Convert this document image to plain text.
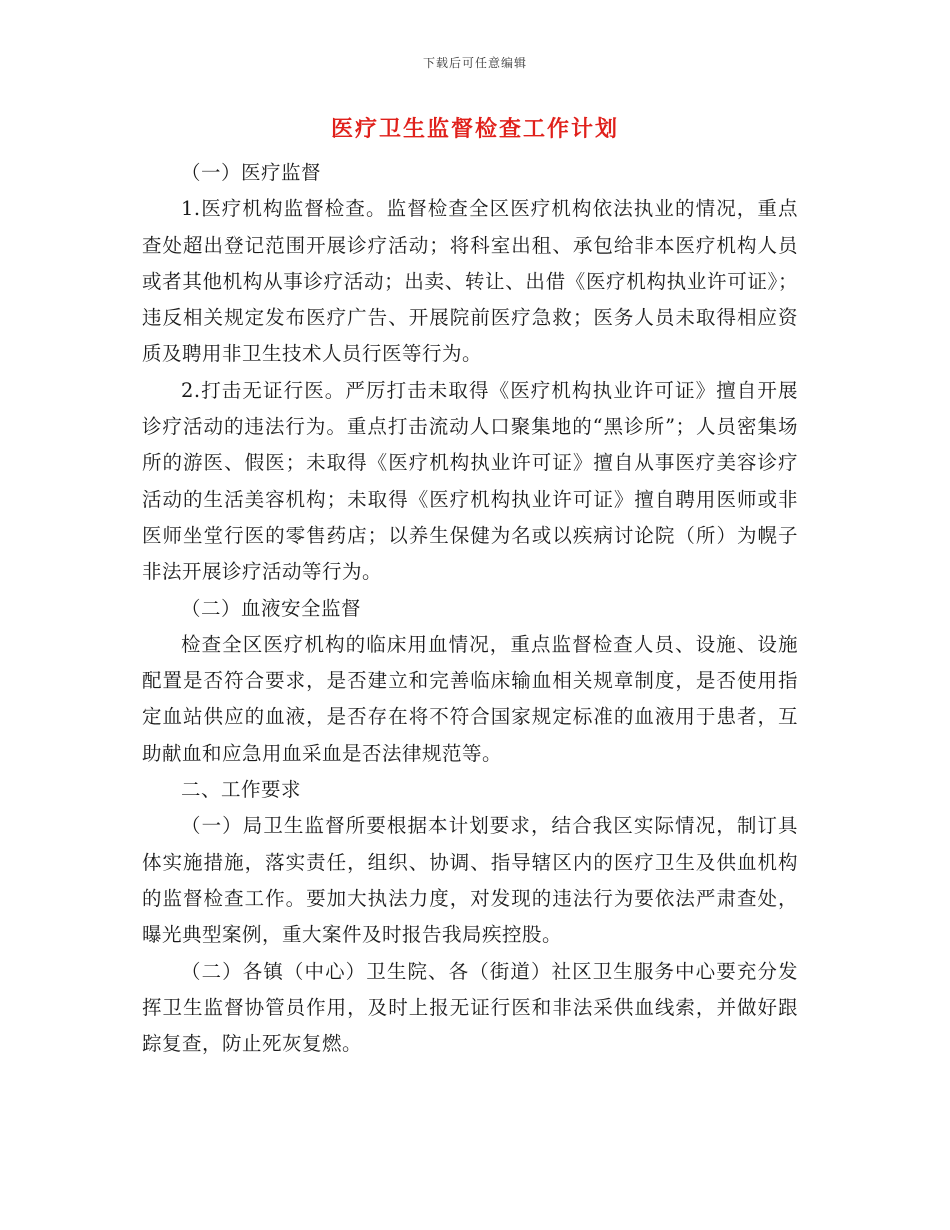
下载后可任意编辑
医疗卫生监督检查工作计划

（一）医疗监督

1.医疗机构监督检查。监督检查全区医疗机构依法执业的情况，重点查处超出登记范围开展诊疗活动；将科室出租、承包给非本医疗机构人员或者其他机构从事诊疗活动；出卖、转让、出借《医疗机构执业许可证》；违反相关规定发布医疗广告、开展院前医疗急救；医务人员未取得相应资质及聘用非卫生技术人员行医等行为。

2.打击无证行医。严厉打击未取得《医疗机构执业许可证》擅自开展诊疗活动的违法行为。重点打击流动人口聚集地的“黑诊所”；人员密集场所的游医、假医；未取得《医疗机构执业许可证》擅自从事医疗美容诊疗活动的生活美容机构；未取得《医疗机构执业许可证》擅自聘用医师或非医师坐堂行医的零售药店；以养生保健为名或以疾病讨论院（所）为幌子非法开展诊疗活动等行为。

（二）血液安全监督

检查全区医疗机构的临床用血情况，重点监督检查人员、设施、设施配置是否符合要求，是否建立和完善临床输血相关规章制度，是否使用指定血站供应的血液，是否存在将不符合国家规定标准的血液用于患者，互助献血和应急用血采血是否法律规范等。

二、工作要求

（一）局卫生监督所要根据本计划要求，结合我区实际情况，制订具体实施措施，落实责任，组织、协调、指导辖区内的医疗卫生及供血机构的监督检查工作。要加大执法力度，对发现的违法行为要依法严肃查处，曝光典型案例，重大案件及时报告我局疾控股。

（二）各镇（中心）卫生院、各（街道）社区卫生服务中心要充分发挥卫生监督协管员作用，及时上报无证行医和非法采供血线索，并做好跟踪复查，防止死灰复燃。
